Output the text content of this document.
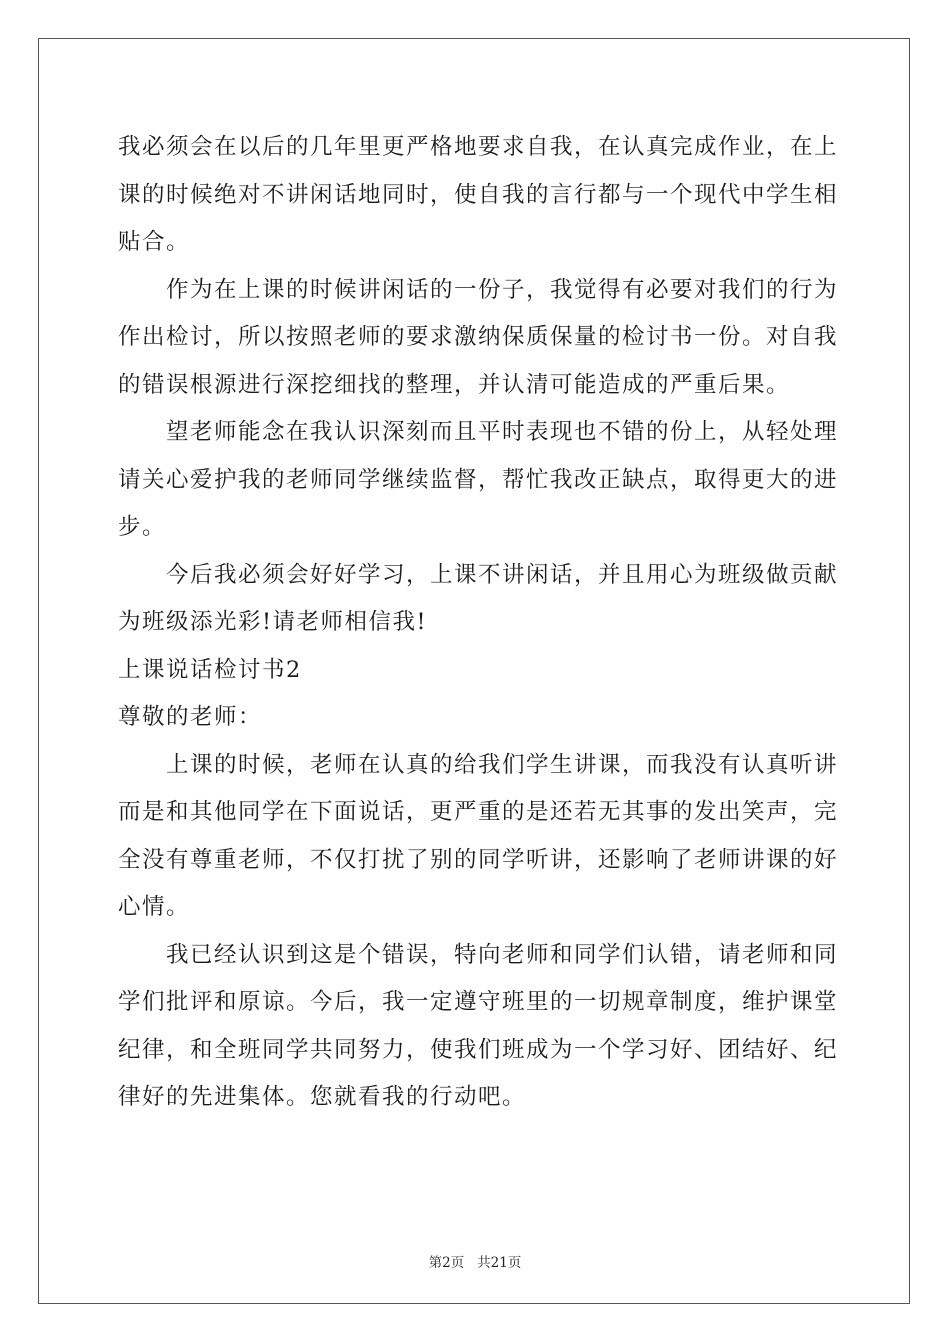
我必须会在以后的几年里更严格地要求自我，在认真完成作业，在上
课的时候绝对不讲闲话地同时，使自我的言行都与一个现代中学生相
贴合。

作为在上课的时候讲闲话的一份子，我觉得有必要对我们的行为
作出检讨，所以按照老师的要求激纳保质保量的检讨书一份。对自我
的错误根源进行深挖细找的整理，并认清可能造成的严重后果。

望老师能念在我认识深刻而且平时表现也不错的份上，从轻处理
请关心爱护我的老师同学继续监督，帮忙我改正缺点，取得更大的进
步。

今后我必须会好好学习，上课不讲闲话，并且用心为班级做贡献
为班级添光彩!请老师相信我!

上课说话检讨书2

尊敬的老师：

上课的时候，老师在认真的给我们学生讲课，而我没有认真听讲
而是和其他同学在下面说话，更严重的是还若无其事的发出笑声，完
全没有尊重老师，不仅打扰了别的同学听讲，还影响了老师讲课的好
心情。

我已经认识到这是个错误，特向老师和同学们认错，请老师和同
学们批评和原谅。今后，我一定遵守班里的一切规章制度，维护课堂
纪律，和全班同学共同努力，使我们班成为一个学习好、团结好、纪
律好的先进集体。您就看我的行动吧。

第2页 共21页
